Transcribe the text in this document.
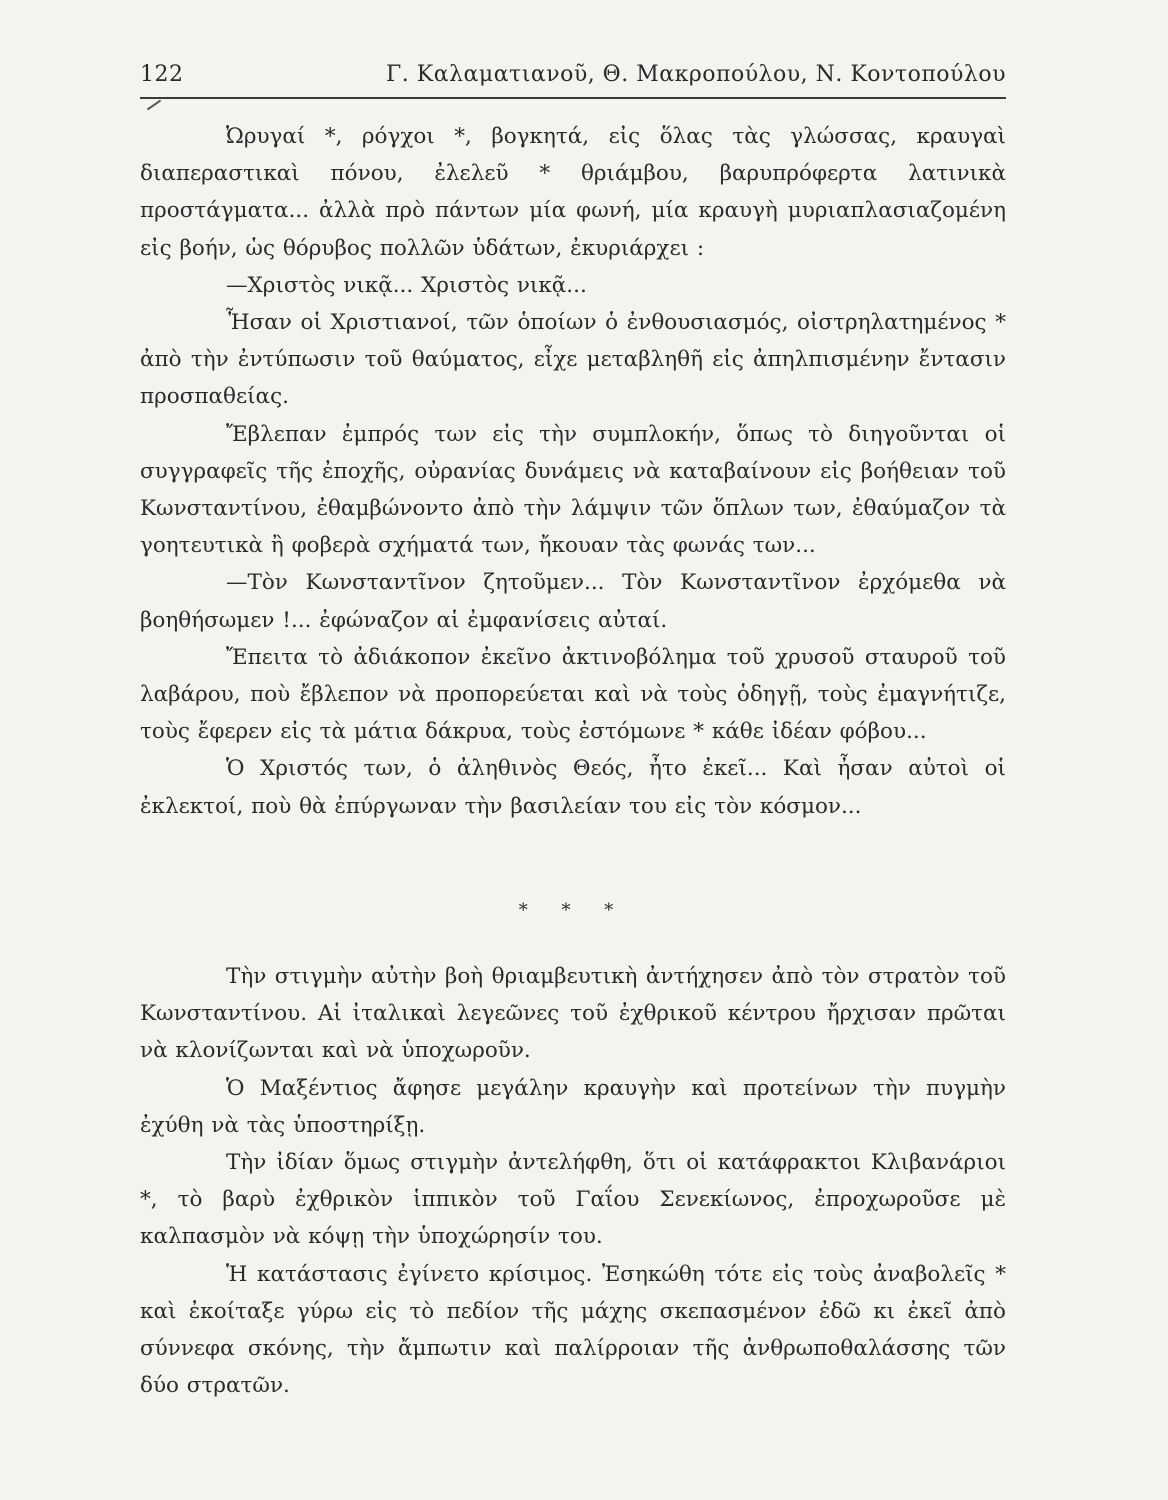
122	Γ. Καλαματιανοῦ, Θ. Μακροπούλου, Ν. Κοντοπούλου

Ὠρυγαί *, ρόγχοι *, βογκητά, εἰς ὅλας τὰς γλώσσας, κραυγαὶ διαπεραστικαὶ πόνου, ἐλελεῦ * θριάμβου, βαρυπρόφερτα λατινικὰ προστάγματα... ἀλλὰ πρὸ πάντων μία φωνή, μία κραυγὴ μυριαπλασιαζομένη εἰς βοήν, ὡς θόρυβος πολλῶν ὑδάτων, ἐκυριάρχει :

—Χριστὸς νικᾷ... Χριστὸς νικᾷ...

Ἦσαν οἱ Χριστιανοί, τῶν ὁποίων ὁ ἐνθουσιασμός, οἰστρηλατημένος * ἀπὸ τὴν ἐντύπωσιν τοῦ θαύματος, εἶχε μεταβληθῆ εἰς ἀπηλπισμένην ἔντασιν προσπαθείας.

Ἔβλεπαν ἐμπρός των εἰς τὴν συμπλοκήν, ὅπως τὸ διηγοῦνται οἱ συγγραφεῖς τῆς ἐποχῆς, οὐρανίας δυνάμεις νὰ καταβαίνουν εἰς βοήθειαν τοῦ Κωνσταντίνου, ἐθαμβώνοντο ἀπὸ τὴν λάμψιν τῶν ὅπλων των, ἐθαύμαζον τὰ γοητευτικὰ ἢ φοβερὰ σχήματά των, ἤκουαν τὰς φωνάς των...

—Τὸν Κωνσταντῖνον ζητοῦμεν... Τὸν Κωνσταντῖνον ἐρχόμεθα νὰ βοηθήσωμεν !... ἐφώναζον αἱ ἐμφανίσεις αὐταί.

Ἔπειτα τὸ ἀδιάκοπον ἐκεῖνο ἀκτινοβόλημα τοῦ χρυσοῦ σταυροῦ τοῦ λαβάρου, ποὺ ἔβλεπον νὰ προπορεύεται καὶ νὰ τοὺς ὁδηγῇ, τοὺς ἐμαγνήτιζε, τοὺς ἔφερεν εἰς τὰ μάτια δάκρυα, τοὺς ἐστόμωνε * κάθε ἰδέαν φόβου...

Ὁ Χριστός των, ὁ ἀληθινὸς Θεός, ἦτο ἐκεῖ... Καὶ ἦσαν αὐτοὶ οἱ ἐκλεκτοί, ποὺ θὰ ἐπύργωναν τὴν βασιλείαν του εἰς τὸν κόσμον...

* * *

Τὴν στιγμὴν αὐτὴν βοὴ θριαμβευτικὴ ἀντήχησεν ἀπὸ τὸν στρατὸν τοῦ Κωνσταντίνου. Αἱ ἰταλικαὶ λεγεῶνες τοῦ ἐχθρικοῦ κέντρου ἤρχισαν πρῶται νὰ κλονίζωνται καὶ νὰ ὑποχωροῦν.

Ὁ Μαξέντιος ἄφησε μεγάλην κραυγὴν καὶ προτείνων τὴν πυγμὴν ἐχύθη νὰ τὰς ὑποστηρίξῃ.

Τὴν ἰδίαν ὅμως στιγμὴν ἀντελήφθη, ὅτι οἱ κατάφρακτοι Κλιβανάριοι *, τὸ βαρὺ ἐχθρικὸν ἱππικὸν τοῦ Γαΐου Σενεκίωνος, ἐπροχωροῦσε μὲ καλπασμὸν νὰ κόψῃ τὴν ὑποχώρησίν του.

Ἡ κατάστασις ἐγίνετο κρίσιμος. Ἐσηκώθη τότε εἰς τοὺς ἀναβολεῖς * καὶ ἐκοίταξε γύρω εἰς τὸ πεδίον τῆς μάχης σκεπασμένον ἐδῶ κι ἐκεῖ ἀπὸ σύννεφα σκόνης, τὴν ἄμπωτιν καὶ παλίρροιαν τῆς ἀνθρωποθαλάσσης τῶν δύο στρατῶν.
